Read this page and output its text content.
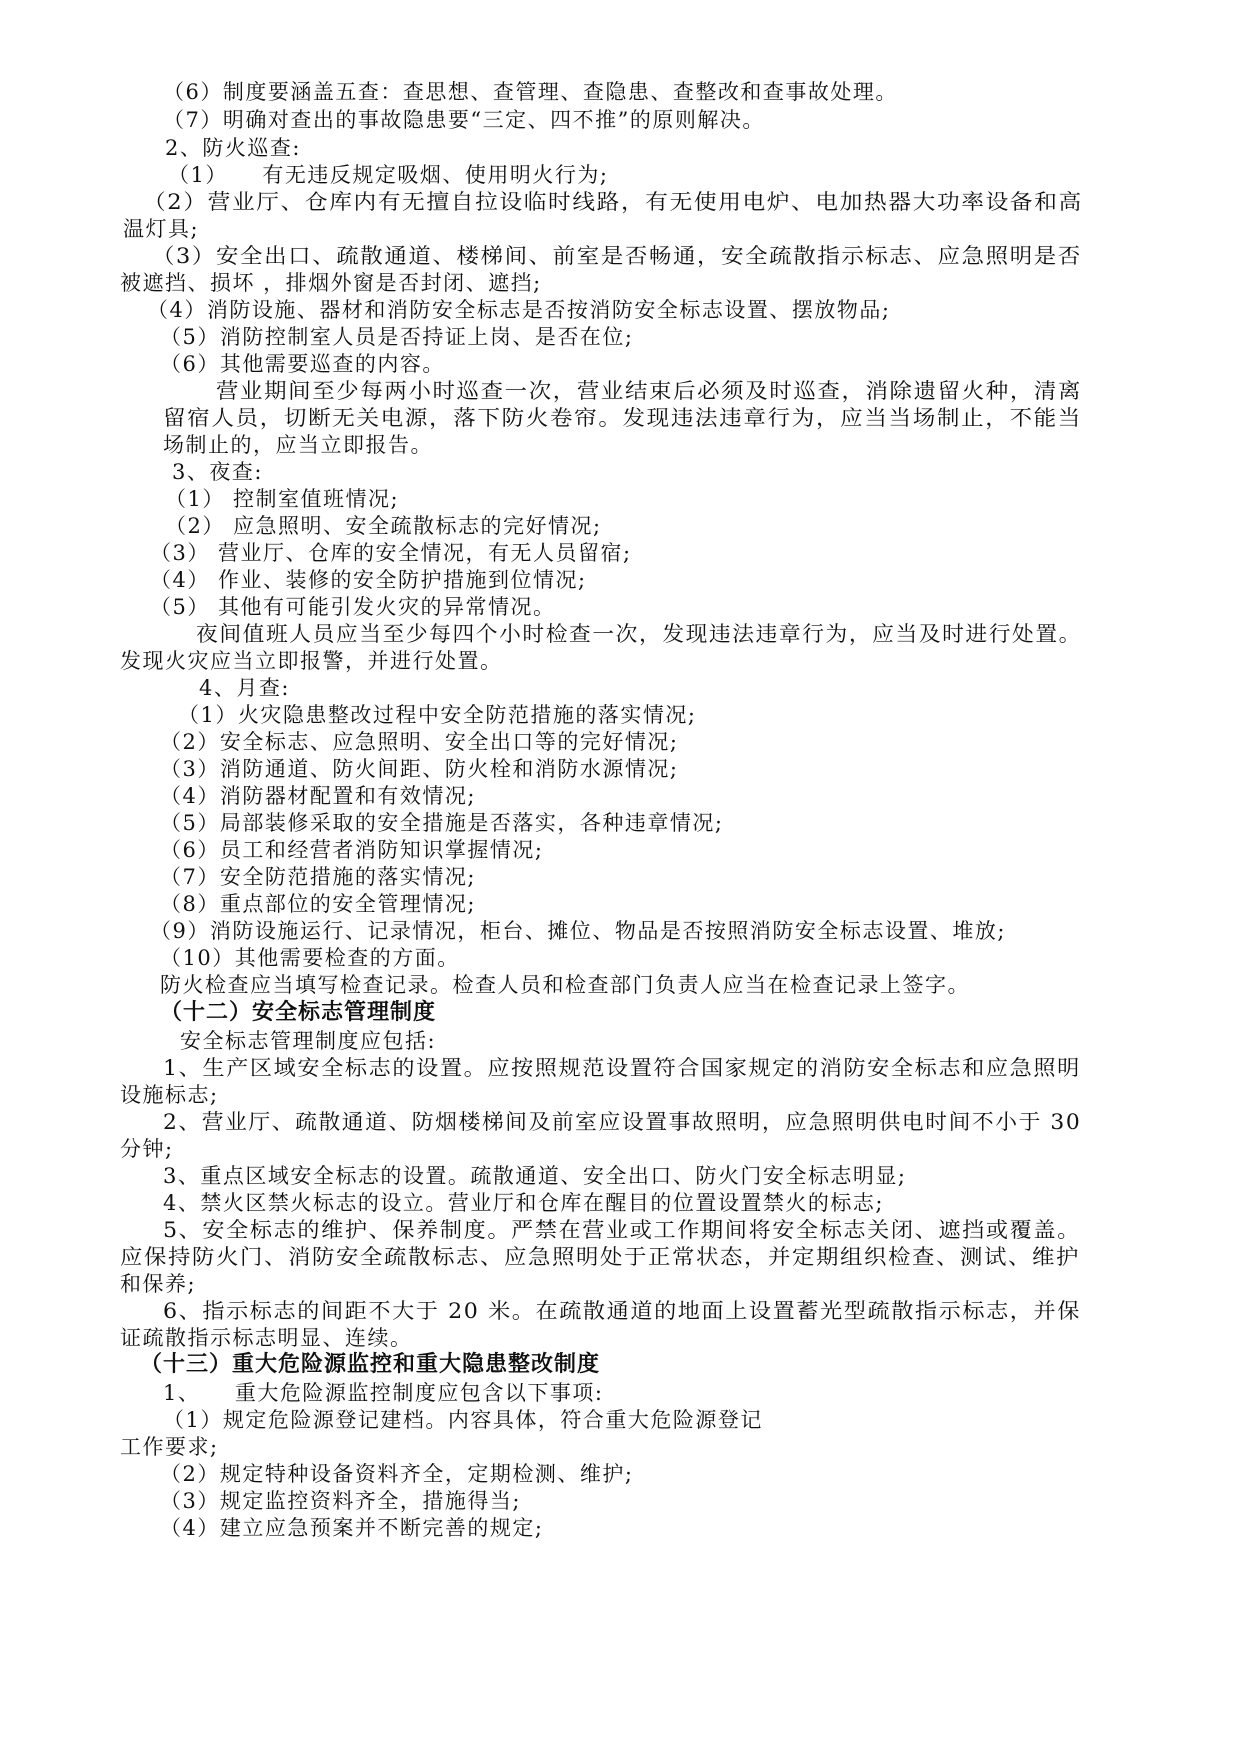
（6）制度要涵盖五查：查思想、查管理、查隐患、查整改和查事故处理。
（7）明确对查出的事故隐患要“三定、四不推”的原则解决。
2、防火巡查:
（1）　　有无违反规定吸烟、使用明火行为;
（2）营业厅、仓库内有无擅自拉设临时线路，有无使用电炉、电加热器大功率设备和高
温灯具;
（3）安全出口、疏散通道、楼梯间、前室是否畅通，安全疏散指示标志、应急照明是否
被遮挡、损坏 ，排烟外窗是否封闭、遮挡;
（4）消防设施、器材和消防安全标志是否按消防安全标志设置、摆放物品;
（5）消防控制室人员是否持证上岗、是否在位;
（6）其他需要巡查的内容。
营业期间至少每两小时巡查一次，营业结束后必须及时巡查，消除遗留火种，清离
留宿人员，切断无关电源，落下防火卷帘。发现违法违章行为，应当当场制止，不能当
场制止的，应当立即报告。
3、夜查:
（1） 控制室值班情况;
（2） 应急照明、安全疏散标志的完好情况;
（3） 营业厅、仓库的安全情况，有无人员留宿;
（4） 作业、装修的安全防护措施到位情况;
（5） 其他有可能引发火灾的异常情况。
夜间值班人员应当至少每四个小时检查一次，发现违法违章行为，应当及时进行处置。
发现火灾应当立即报警，并进行处置。
4、月查:
（1）火灾隐患整改过程中安全防范措施的落实情况;
（2）安全标志、应急照明、安全出口等的完好情况;
（3）消防通道、防火间距、防火栓和消防水源情况;
（4）消防器材配置和有效情况;
（5）局部装修采取的安全措施是否落实，各种违章情况;
（6）员工和经营者消防知识掌握情况;
（7）安全防范措施的落实情况;
（8）重点部位的安全管理情况;
（9）消防设施运行、记录情况，柜台、摊位、物品是否按照消防安全标志设置、堆放;
（10）其他需要检查的方面。
防火检查应当填写检查记录。检查人员和检查部门负责人应当在检查记录上签字。
（十二）安全标志管理制度
安全标志管理制度应包括:
1、生产区域安全标志的设置。应按照规范设置符合国家规定的消防安全标志和应急照明
设施标志;
2、营业厅、疏散通道、防烟楼梯间及前室应设置事故照明，应急照明供电时间不小于 30
分钟;
3、重点区域安全标志的设置。疏散通道、安全出口、防火门安全标志明显;
4、禁火区禁火标志的设立。营业厅和仓库在醒目的位置设置禁火的标志;
5、安全标志的维护、保养制度。严禁在营业或工作期间将安全标志关闭、遮挡或覆盖。
应保持防火门、消防安全疏散标志、应急照明处于正常状态，并定期组织检查、测试、维护
和保养;
6、指示标志的间距不大于 20 米。在疏散通道的地面上设置蓄光型疏散指示标志，并保
证疏散指示标志明显、连续。
（十三）重大危险源监控和重大隐患整改制度
1、　　重大危险源监控制度应包含以下事项:
（1）规定危险源登记建档。内容具体，符合重大危险源登记
工作要求;
（2）规定特种设备资料齐全，定期检测、维护;
（3）规定监控资料齐全，措施得当;
（4）建立应急预案并不断完善的规定;
